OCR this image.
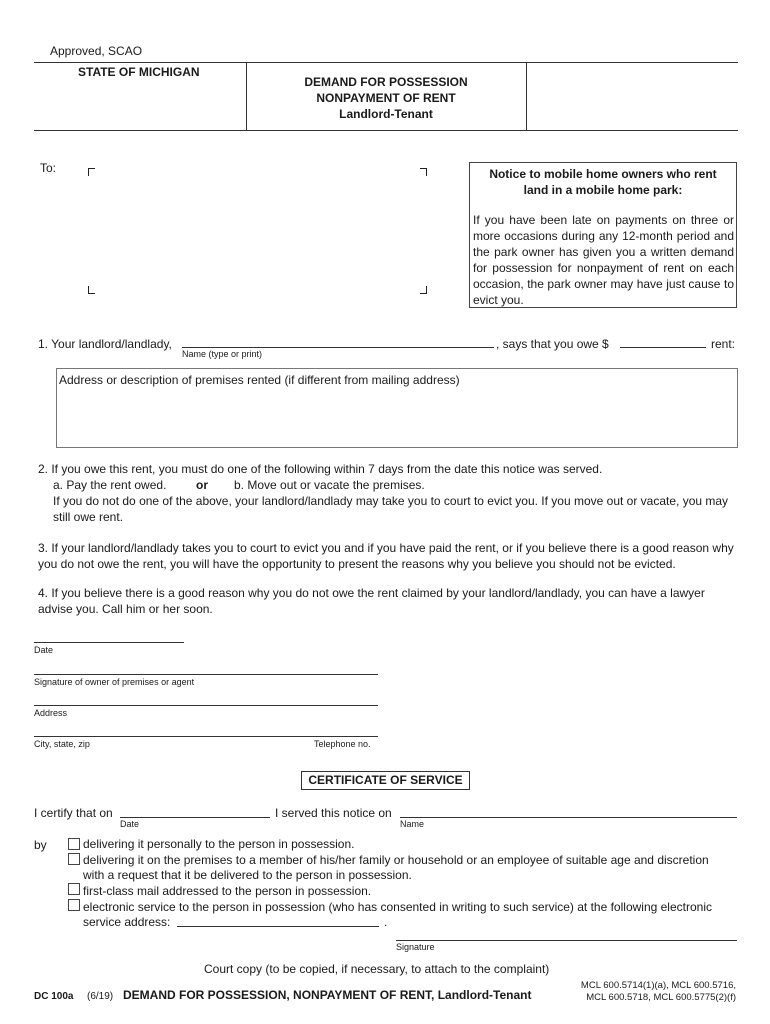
Approved, SCAO
STATE OF MICHIGAN
DEMAND FOR POSSESSION
NONPAYMENT OF RENT
Landlord-Tenant
To:	Notice to mobile home owners who rent
land in a mobile home park:
If you have been late on payments on three or more occasions during any 12-month period and the park owner has given you a written demand for possession for nonpayment of rent on each occasion, the park owner may have just cause to evict you.
1. Your landlord/landlady,
Name (type or print)
, says that you owe $	rent:
Address or description of premises rented (if different from mailing address)
2. If you owe this rent, you must do one of the following within 7 days from the date this notice was served.
a. Pay the rent owed. or b. Move out or vacate the premises.
If you do not do one of the above, your landlord/landlady may take you to court to evict you. If you move out or vacate, you may still owe rent.
3. If your landlord/landlady takes you to court to evict you and if you have paid the rent, or if you believe there is a good reason why you do not owe the rent, you will have the opportunity to present the reasons why you believe you should not be evicted.
4. If you believe there is a good reason why you do not owe the rent claimed by your landlord/landlady, you can have a lawyer advise you. Call him or her soon.
Date
Signature of owner of premises or agent
Address
City, state, zip	Telephone no.
CERTIFICATE OF SERVICE
I certify that on
Date
I served this notice on
Name
by	delivering it personally to the person in possession.
delivering it on the premises to a member of his/her family or household or an employee of suitable age and discretion
with a request that it be delivered to the person in possession.
first-class mail addressed to the person in possession.
electronic service to the person in possession (who has consented in writing to such service) at the following electronic
service address:	.
Signature
Court copy (to be copied, if necessary, to attach to the complaint)
DC 100a (6/19) DEMAND FOR POSSESSION, NONPAYMENT OF RENT, Landlord-Tenant
MCL 600.5714(1)(a), MCL 600.5716,
MCL 600.5718, MCL 600.5775(2)(f)
